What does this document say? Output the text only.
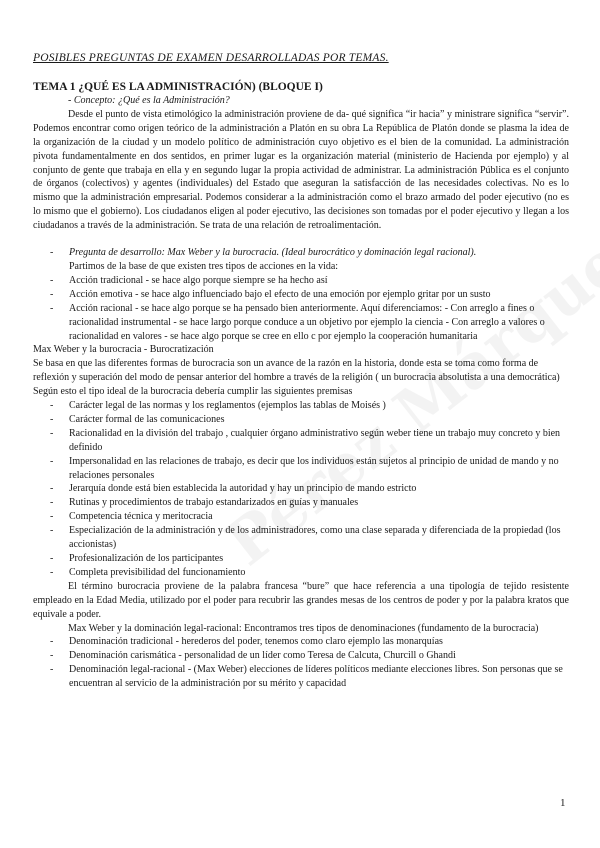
POSIBLES PREGUNTAS DE EXAMEN DESARROLLADAS POR TEMAS.
TEMA 1 ¿QUÉ ES LA ADMINISTRACIÓN) (BLOQUE I)
- Concepto: ¿Qué es la Administración?

Desde el punto de vista etimológico la administración proviene de da- qué significa “ir hacia” y ministrare significa “servir”. Podemos encontrar como origen teórico de la administración a Platón en su obra La República de Platón donde se plasma la idea de la organización de la ciudad y un modelo político de administración cuyo objetivo es el bien de la comunidad. La administración pivota fundamentalmente en dos sentidos, en primer lugar es la organización material (ministerio de Hacienda por ejemplo) y al conjunto de gente que trabaja en ella y en segundo lugar la propia actividad de administrar. La administración Pública es el conjunto de órganos (colectivos) y agentes (individuales) del Estado que aseguran la satisfacción de las necesidades colectivas. No es lo mismo que la administración empresarial. Podemos considerar a la administración como el brazo armado del poder ejecutivo (no es lo mismo que el gobierno). Los ciudadanos eligen al poder ejecutivo, las decisiones son tomadas por el poder ejecutivo y llegan a los ciudadanos a través de la administración. Se trata de una relación de retroalimentación.

- Pregunta de desarrollo: Max Weber y la burocracia. (Ideal burocrático y dominación legal racional).
Partimos de la base de que existen tres tipos de acciones en la vida:
- Acción tradicional - se hace algo porque siempre se ha hecho así
- Acción emotiva - se hace algo influenciado bajo el efecto de una emoción por ejemplo gritar por un susto
- Acción racional - se hace algo porque se ha pensado bien anteriormente. Aquí diferenciamos: - Con arreglo a fines o racionalidad instrumental - se hace largo porque conduce a un objetivo por ejemplo la ciencia - Con arreglo a valores o racionalidad en valores - se hace algo porque se cree en ello c por ejemplo la cooperación humanitaria

Max Weber y la burocracia - Burocratización

Se basa en que las diferentes formas de burocracia son un avance de la razón en la historia, donde esta se toma como forma de reflexión y superación del modo de pensar anterior del hombre a través de la religión ( un burocracia absolutista a una democrática)

Según esto el tipo ideal de la burocracia debería cumplir las siguientes premisas

- Carácter legal de las normas y los reglamentos (ejemplos las tablas de Moisés )
- Carácter formal de las comunicaciones
- Racionalidad en la división del trabajo , cualquier órgano administrativo según weber tiene un trabajo muy concreto y bien definido
- Impersonalidad en las relaciones de trabajo, es decir que los individuos están sujetos al principio de unidad de mando y no relaciones personales
- Jerarquía donde está bien establecida la autoridad y hay un principio de mando estricto
- Rutinas y procedimientos de trabajo estandarizados en guías y manuales
- Competencia técnica y meritocracia
- Especialización de la administración y de los administradores, como una clase separada y diferenciada de la propiedad (los accionistas)
- Profesionalización de los participantes
- Completa previsibilidad del funcionamiento

El término burocracia proviene de la palabra francesa “bure” que hace referencia a una tipología de tejido resistente empleado en la Edad Media, utilizado por el poder para recubrir las grandes mesas de los centros de poder y por la palabra kratos que equivale a poder.

Max Weber y la dominación legal-racional: Encontramos tres tipos de denominaciones (fundamento de la burocracia)

- Denominación tradicional - herederos del poder, tenemos como claro ejemplo las monarquías
- Denominación carismática - personalidad de un líder como Teresa de Calcuta, Churcill o Ghandi
- Denominación legal-racional - (Max Weber) elecciones de líderes políticos mediante elecciones libres. Son personas que se encuentran al servicio de la administración por su mérito y capacidad
1
